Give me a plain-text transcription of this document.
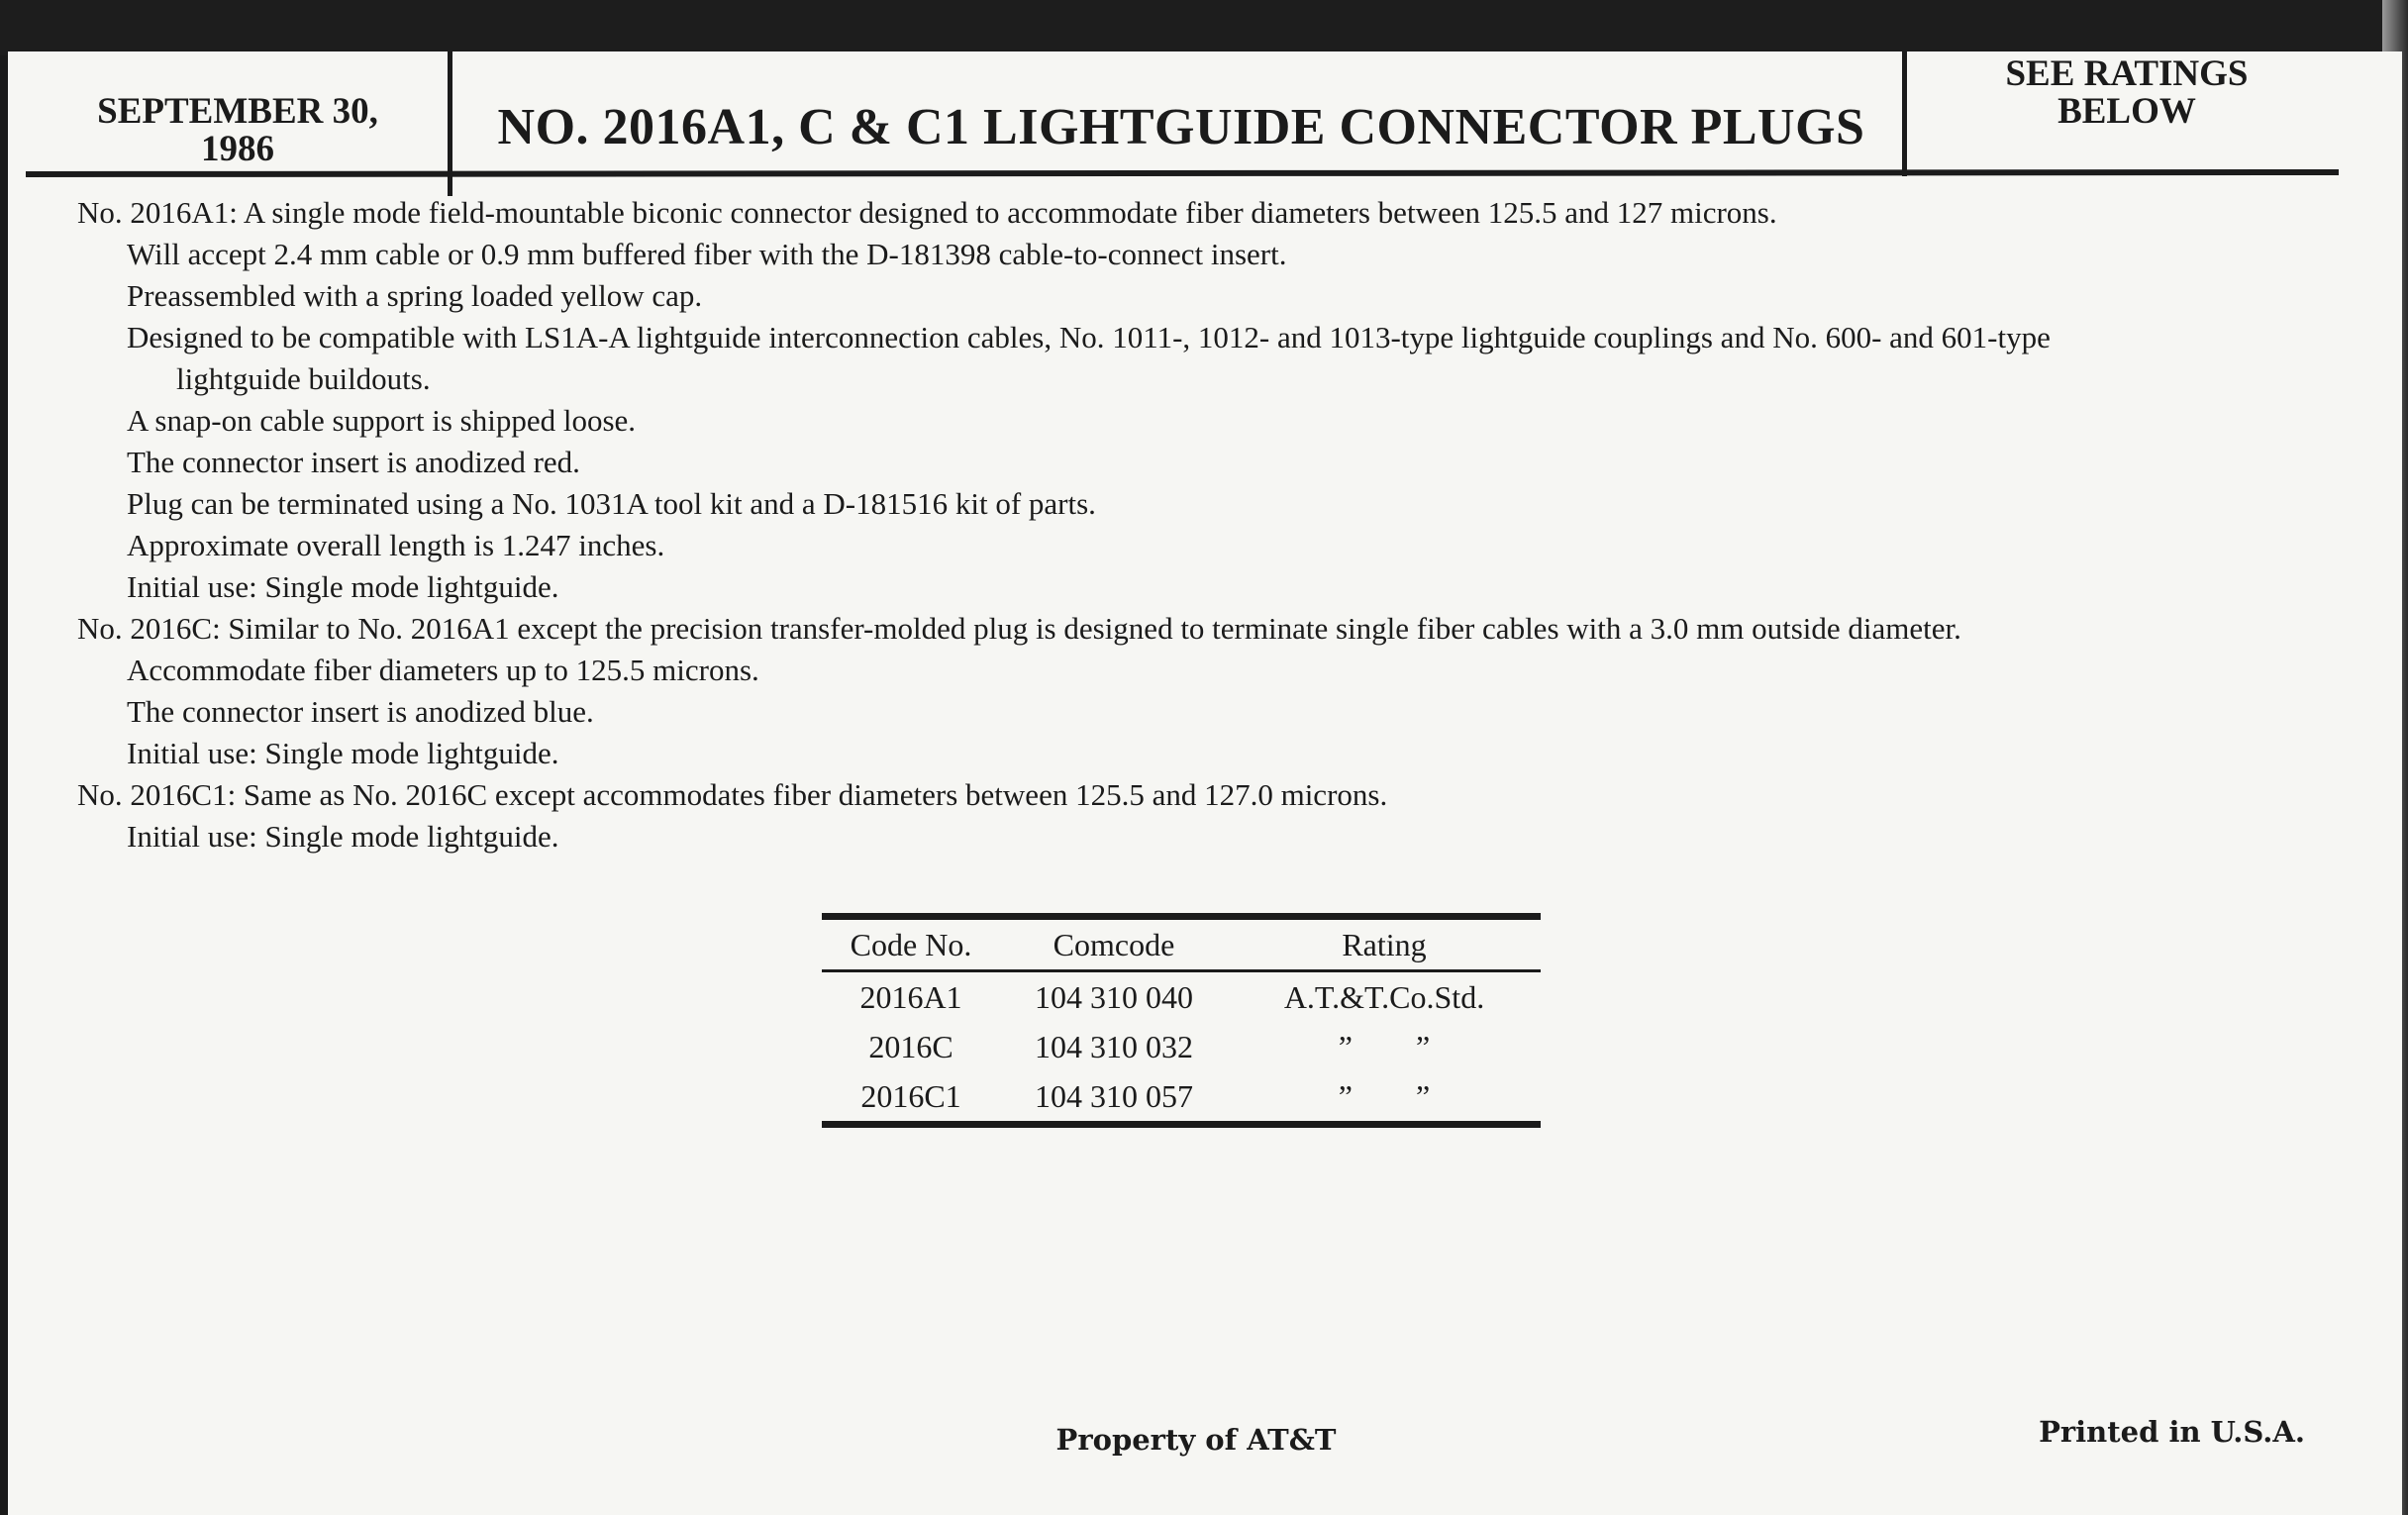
SEPTEMBER 30,
1986	NO. 2016A1, C & C1 LIGHTGUIDE CONNECTOR PLUGS
SEE RATINGS
BELOW
No. 2016A1: A single mode field-mountable biconic connector designed to accommodate fiber diameters between 125.5 and 127 microns.
Will accept 2.4 mm cable or 0.9 mm buffered fiber with the D-181398 cable-to-connect insert.
Preassembled with a spring loaded yellow cap.
Designed to be compatible with LS1A-A lightguide interconnection cables, No. 1011-, 1012- and 1013-type lightguide couplings and No. 600- and 601-type
lightguide buildouts.
A snap-on cable support is shipped loose.
The connector insert is anodized red.
Plug can be terminated using a No. 1031A tool kit and a D-181516 kit of parts.
Approximate overall length is 1.247 inches.
Initial use: Single mode lightguide.
No. 2016C: Similar to No. 2016A1 except the precision transfer-molded plug is designed to terminate single fiber cables with a 3.0 mm outside diameter.
Accommodate fiber diameters up to 125.5 microns.
The connector insert is anodized blue.
Initial use: Single mode lightguide.
No. 2016C1: Same as No. 2016C except accommodates fiber diameters between 125.5 and 127.0 microns.
Initial use: Single mode lightguide.
Code No.	Comcode	Rating
2016A1	104 310 040	A.T.&T.Co.Std.
2016C	104 310 032	”        ”
2016C1	104 310 057	”        ”
Property of AT&T	Printed in U.S.A.
